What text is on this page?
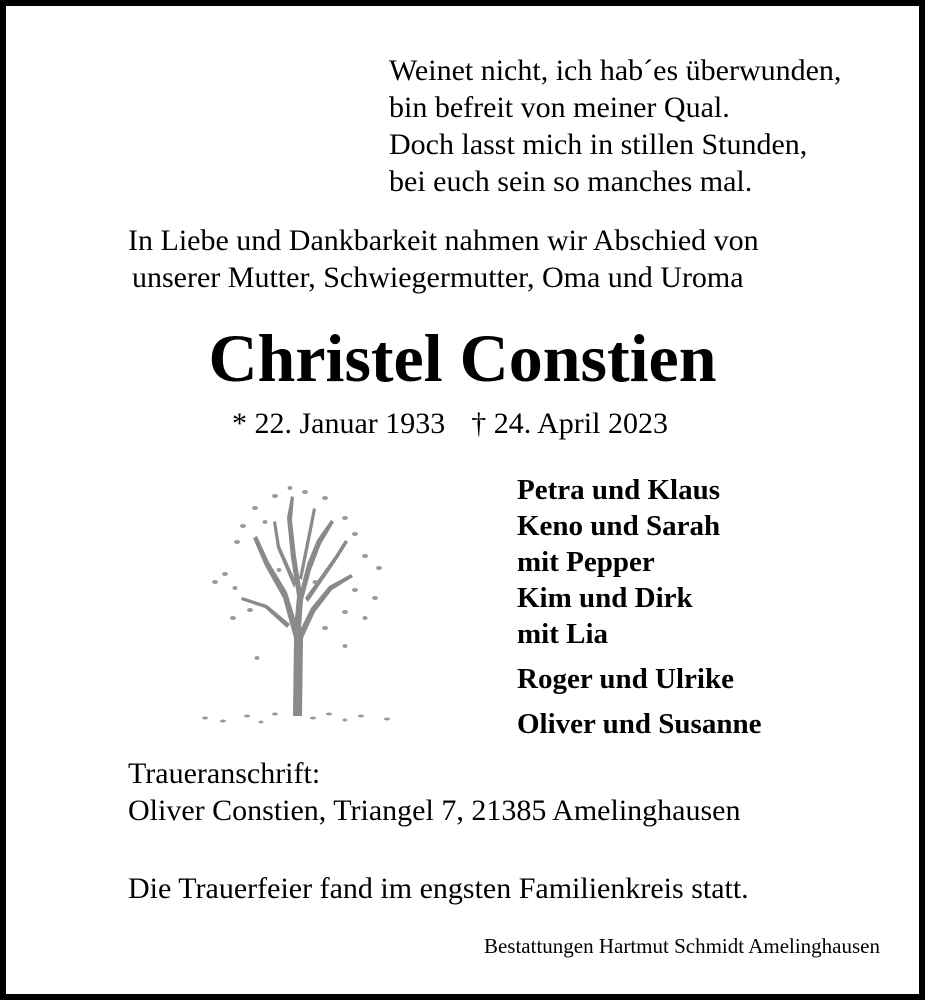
Weinet nicht, ich hab´es überwunden,
bin befreit von meiner Qual.
Doch lasst mich in stillen Stunden,
bei euch sein so manches mal.
In Liebe und Dankbarkeit nahmen wir Abschied von
unserer Mutter, Schwiegermutter, Oma und Uroma
Christel Constien
* 22. Januar 1933 † 24. April 2023
Petra und Klaus
Keno und Sarah
mit Pepper
Kim und Dirk
mit Lia
Roger und Ulrike
Oliver und Susanne
Traueranschrift:
Oliver Constien, Triangel 7, 21385 Amelinghausen
Die Trauerfeier fand im engsten Familienkreis statt.
Bestattungen Hartmut Schmidt Amelinghausen
